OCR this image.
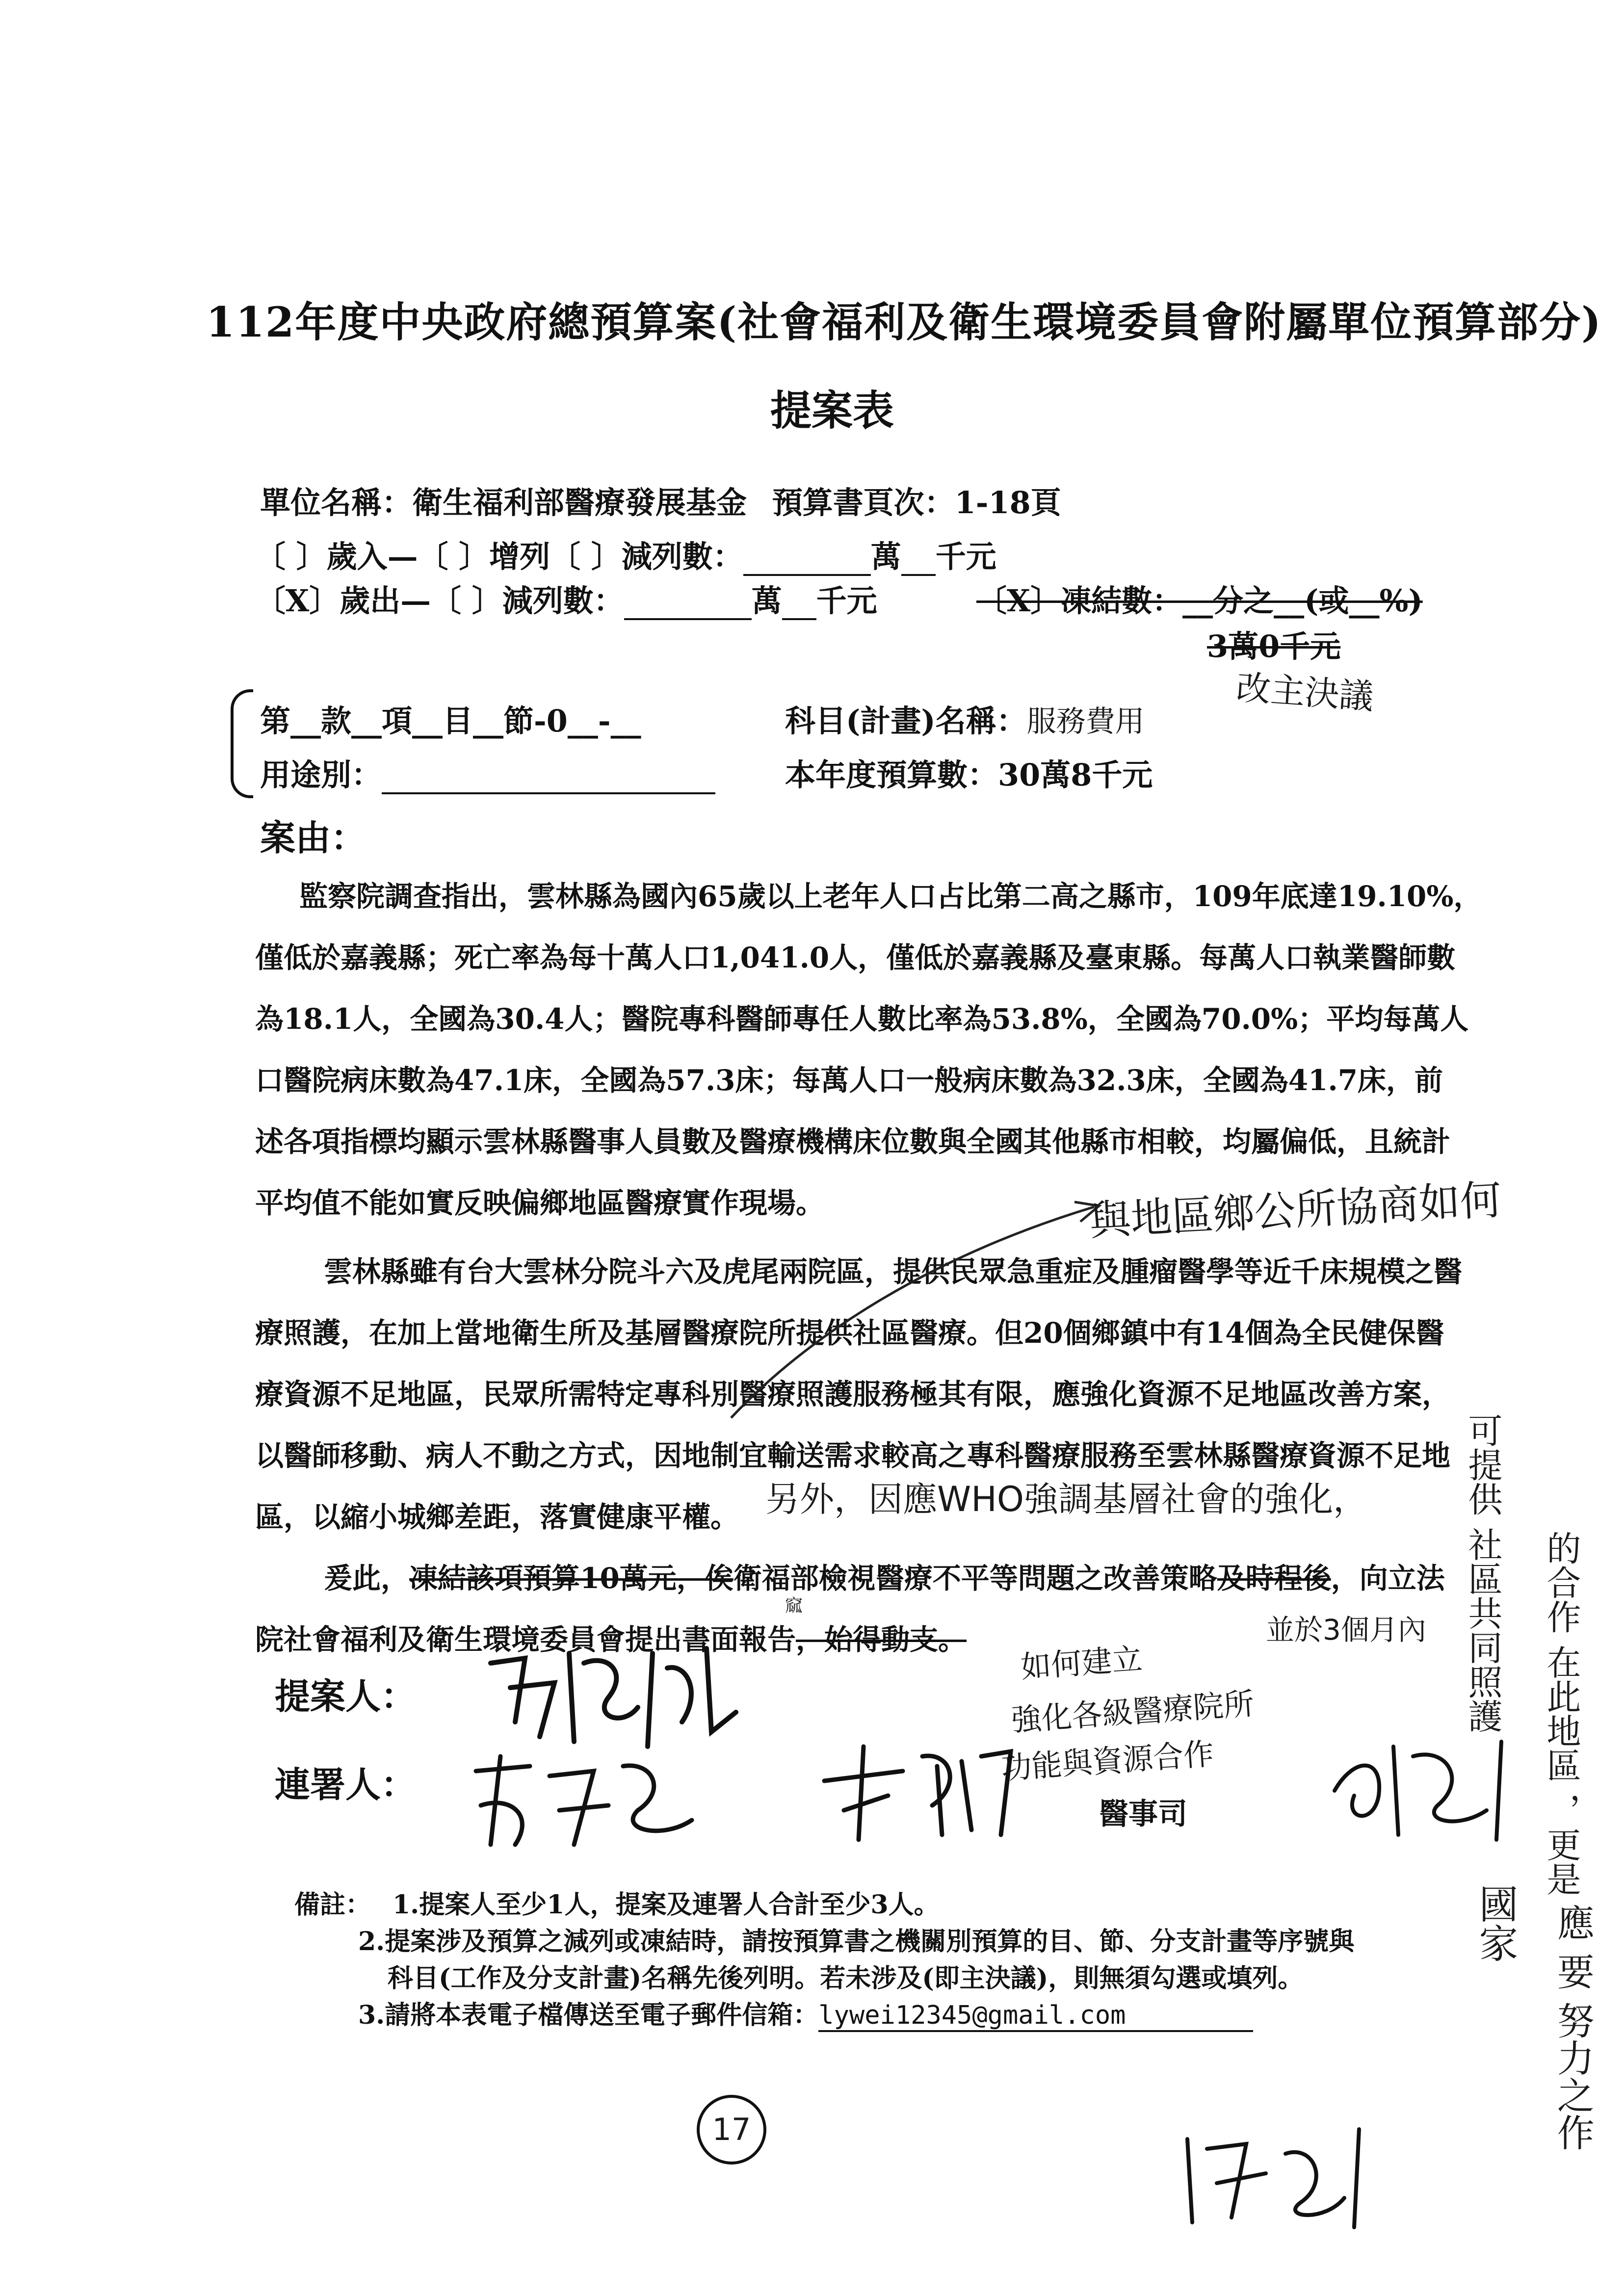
112年度中央政府總預算案(社會福利及衛生環境委員會附屬單位預算部分)
提案表
單位名稱：衛生福利部醫療發展基金 預算書頁次：1-18頁
〔 〕歲入—〔 〕增列〔 〕減列數：	萬 千元
〔X〕歲出—〔 〕減列數：	萬 千元	〔X〕凍結數：__分之__(或__%)
3萬0千元
改主決議
第__款__項__目__節-0__-__
用途別：
科目(計畫)名稱：服務費用
本年度預算數：30萬8千元
案由：
監察院調查指出，雲林縣為國內65歲以上老年人口占比第二高之縣市，109年底達19.10%，
僅低於嘉義縣；死亡率為每十萬人口1,041.0人，僅低於嘉義縣及臺東縣。每萬人口執業醫師數
為18.1人，全國為30.4人；醫院專科醫師專任人數比率為53.8%，全國為70.0%；平均每萬人
口醫院病床數為47.1床，全國為57.3床；每萬人口一般病床數為32.3床，全國為41.7床，前
述各項指標均顯示雲林縣醫事人員數及醫療機構床位數與全國其他縣市相較，均屬偏低，且統計
平均值不能如實反映偏鄉地區醫療實作現場。
雲林縣雖有台大雲林分院斗六及虎尾兩院區，提供民眾急重症及腫瘤醫學等近千床規模之醫
療照護，在加上當地衛生所及基層醫療院所提供社區醫療。但20個鄉鎮中有14個為全民健保醫
療資源不足地區，民眾所需特定專科別醫療照護服務極其有限，應強化資源不足地區改善方案，
以醫師移動、病人不動之方式，因地制宜輸送需求較高之專科醫療服務至雲林縣醫療資源不足地
區，以縮小城鄉差距，落實健康平權。
爰此，凍結該項預算10萬元，俟衛福部檢視醫療不平等問題之改善策略及時程後，向立法
窳
院社會福利及衛生環境委員會提出書面報告，始得動支。
與地區鄉公所協商如何
另外，因應WHO強調基層社會的強化，
並於3個月內
如何建立
強化各級醫療院所
功能與資源合作
可提供 社區共同照護 的合作 在此地區 ，更是
國家 應 要 努力之作
提案人：
連署人：
醫事司
備註： 1.提案人至少1人，提案及連署人合計至少3人。
2.提案涉及預算之減列或凍結時，請按預算書之機關別預算的目、節、分支計畫等序號與
科目(工作及分支計畫)名稱先後列明。若未涉及(即主決議)，則無須勾選或填列。
3.請將本表電子檔傳送至電子郵件信箱：lywei12345@gmail.com
17
